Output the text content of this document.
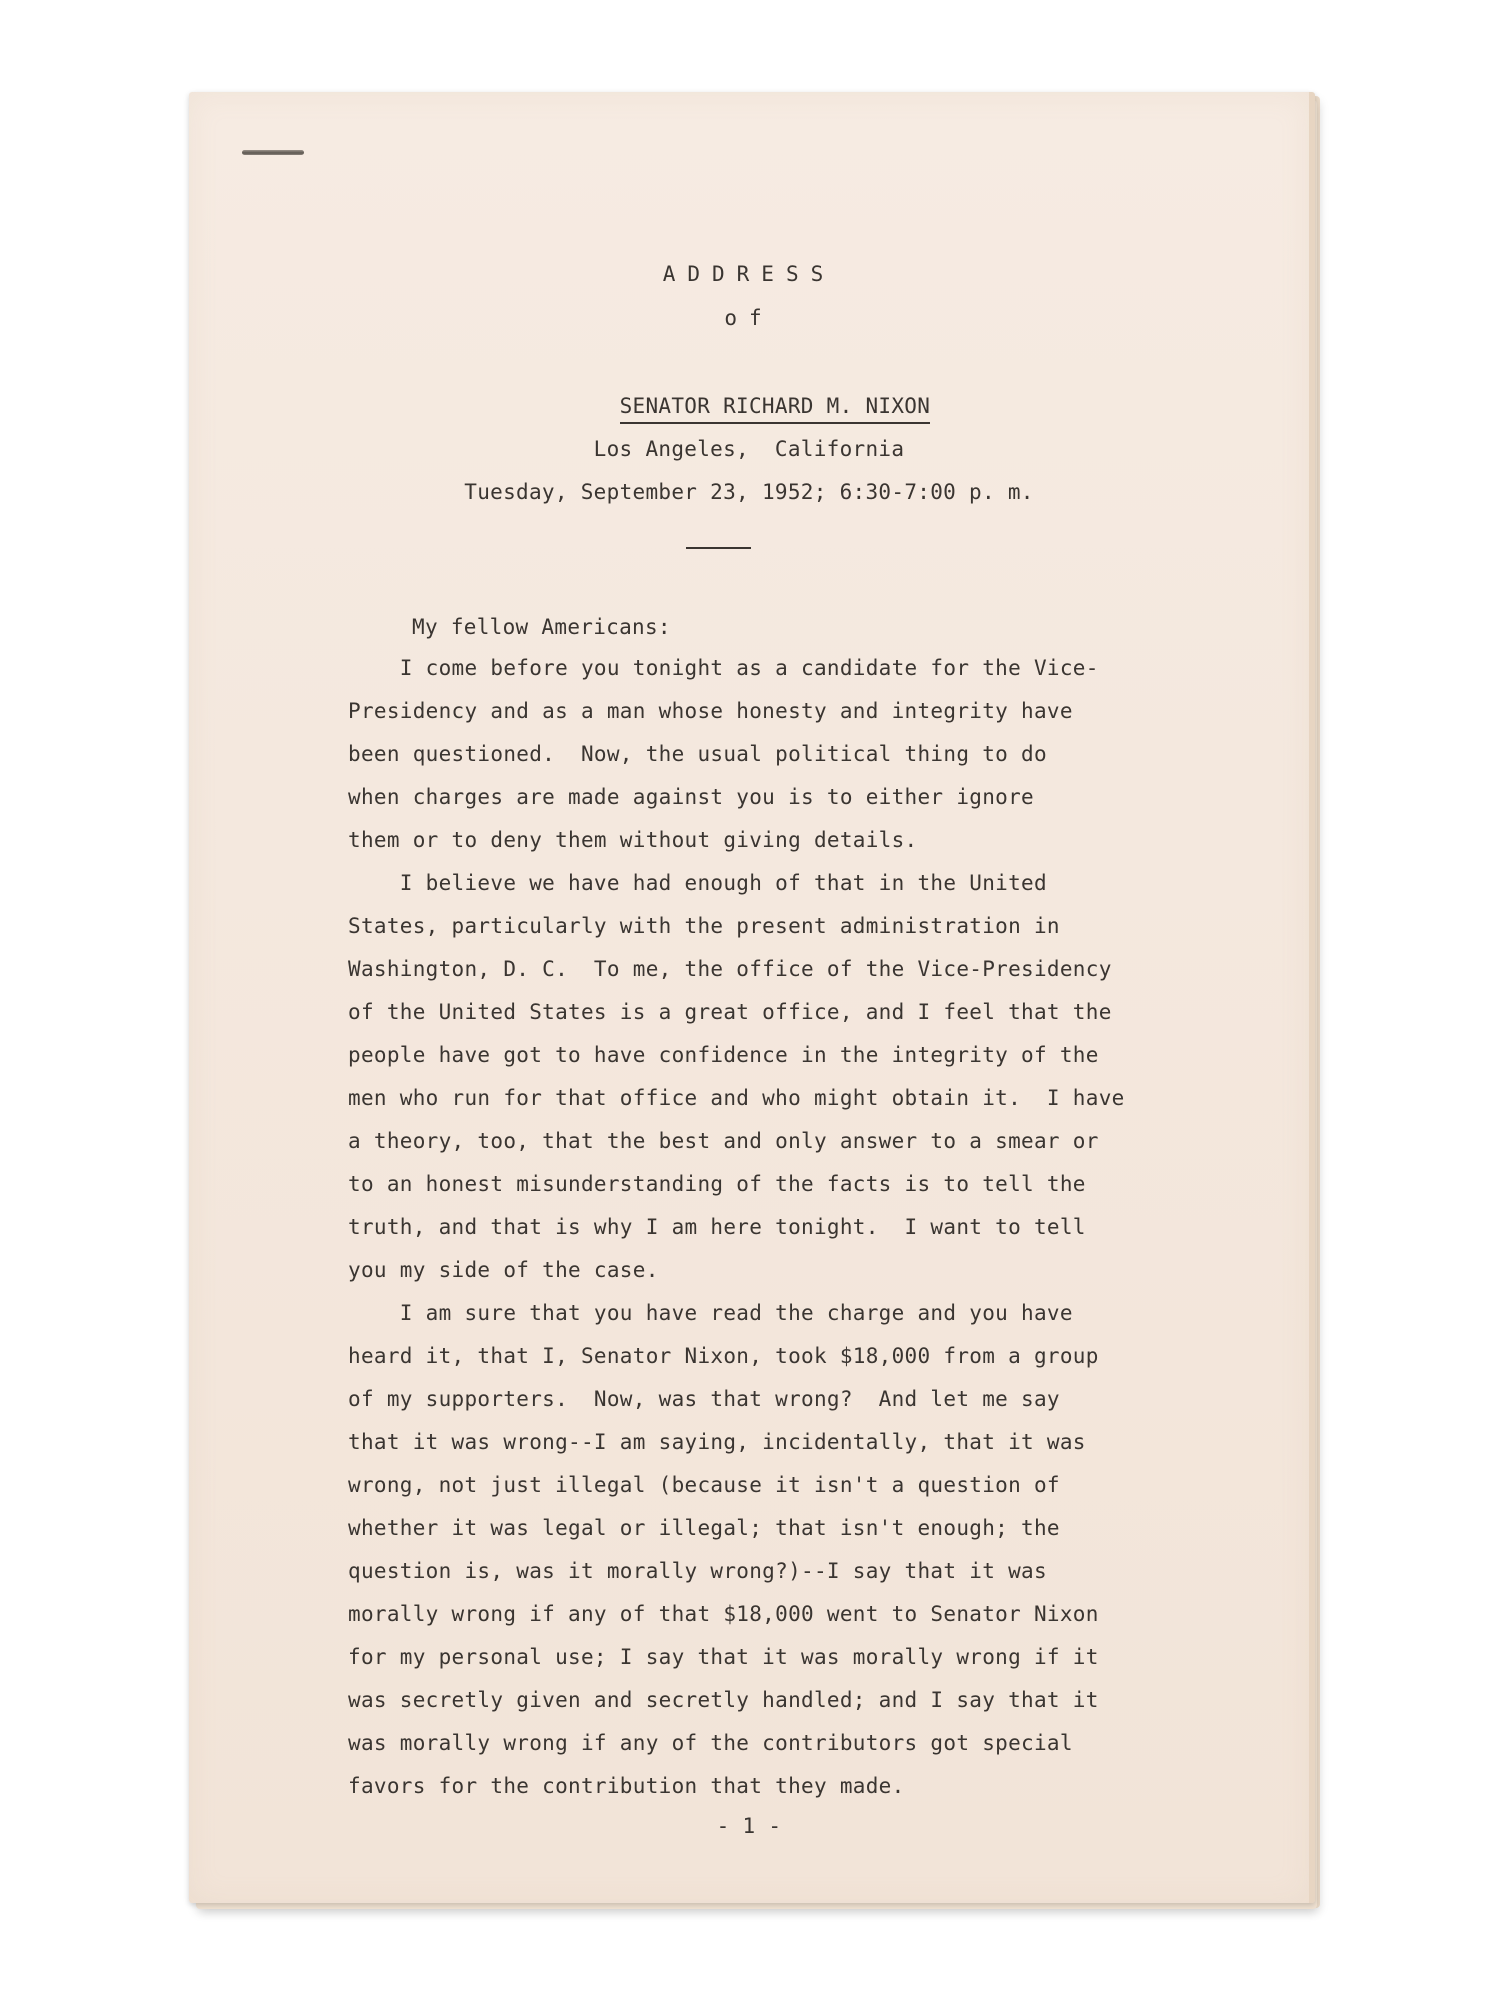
ADDRESS
of

SENATOR RICHARD M. NIXON

Los Angeles,  California
Tuesday, September 23, 1952; 6:30-7:00 p. m.
My fellow Americans:
I come before you tonight as a candidate for the Vice-
Presidency and as a man whose honesty and integrity have
been questioned.  Now, the usual political thing to do
when charges are made against you is to either ignore
them or to deny them without giving details.
I believe we have had enough of that in the United
States, particularly with the present administration in
Washington, D. C.  To me, the office of the Vice-Presidency
of the United States is a great office, and I feel that the
people have got to have confidence in the integrity of the
men who run for that office and who might obtain it.  I have
a theory, too, that the best and only answer to a smear or
to an honest misunderstanding of the facts is to tell the
truth, and that is why I am here tonight.  I want to tell
you my side of the case.
I am sure that you have read the charge and you have
heard it, that I, Senator Nixon, took $18,000 from a group
of my supporters.  Now, was that wrong?  And let me say
that it was wrong--I am saying, incidentally, that it was
wrong, not just illegal (because it isn't a question of
whether it was legal or illegal; that isn't enough; the
question is, was it morally wrong?)--I say that it was
morally wrong if any of that $18,000 went to Senator Nixon
for my personal use; I say that it was morally wrong if it
was secretly given and secretly handled; and I say that it
was morally wrong if any of the contributors got special
favors for the contribution that they made.
- 1 -
